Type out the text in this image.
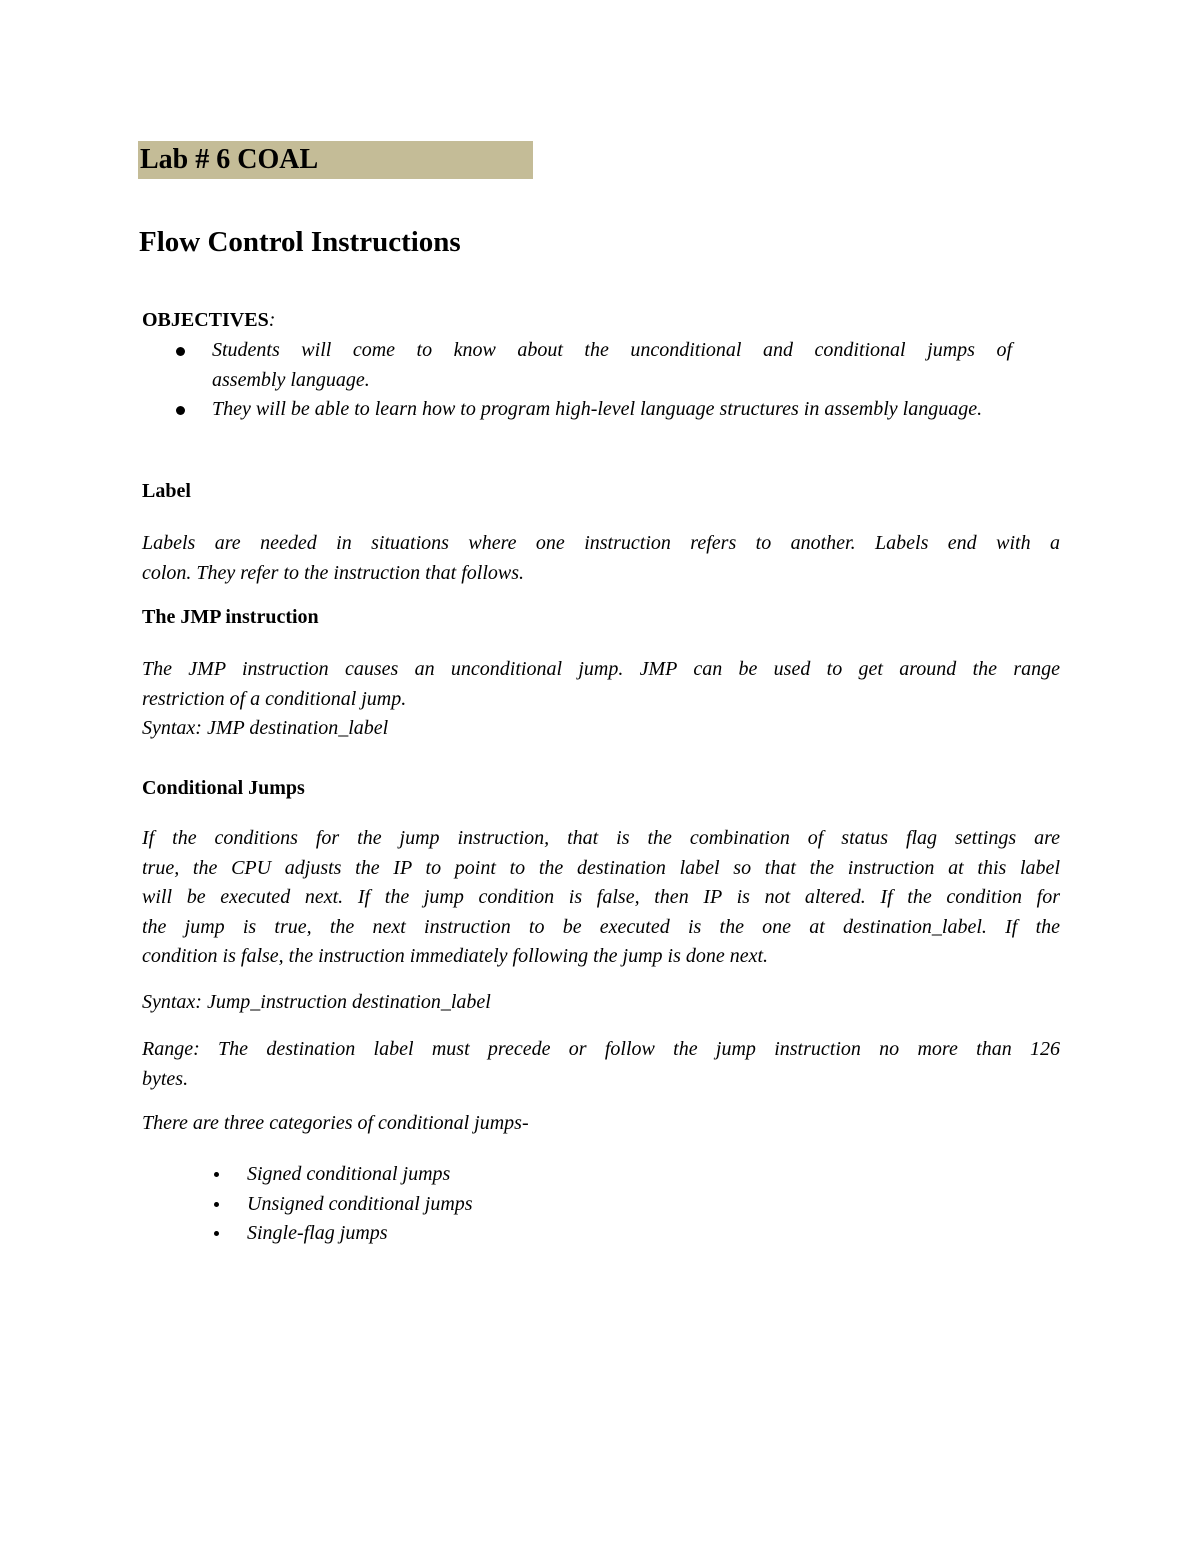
Lab # 6 COAL
Flow Control Instructions
OBJECTIVES:
Students will come to know about the unconditional and conditional jumps of
assembly language.
They will be able to learn how to program high-level language structures in assembly language.
Label
Labels are needed in situations where one instruction refers to another. Labels end with a
colon. They refer to the instruction that follows.
The JMP instruction
The JMP instruction causes an unconditional jump. JMP can be used to get around the range
restriction of a conditional jump.
Syntax: JMP destination_label
Conditional Jumps
If the conditions for the jump instruction, that is the combination of status flag settings are
true, the CPU adjusts the IP to point to the destination label so that the instruction at this label
will be executed next. If the jump condition is false, then IP is not altered. If the condition for
the jump is true, the next instruction to be executed is the one at destination_label. If the
condition is false, the instruction immediately following the jump is done next.
Syntax: Jump_instruction destination_label
Range: The destination label must precede or follow the jump instruction no more than 126
bytes.
There are three categories of conditional jumps-
Signed conditional jumps
Unsigned conditional jumps
Single-flag jumps
